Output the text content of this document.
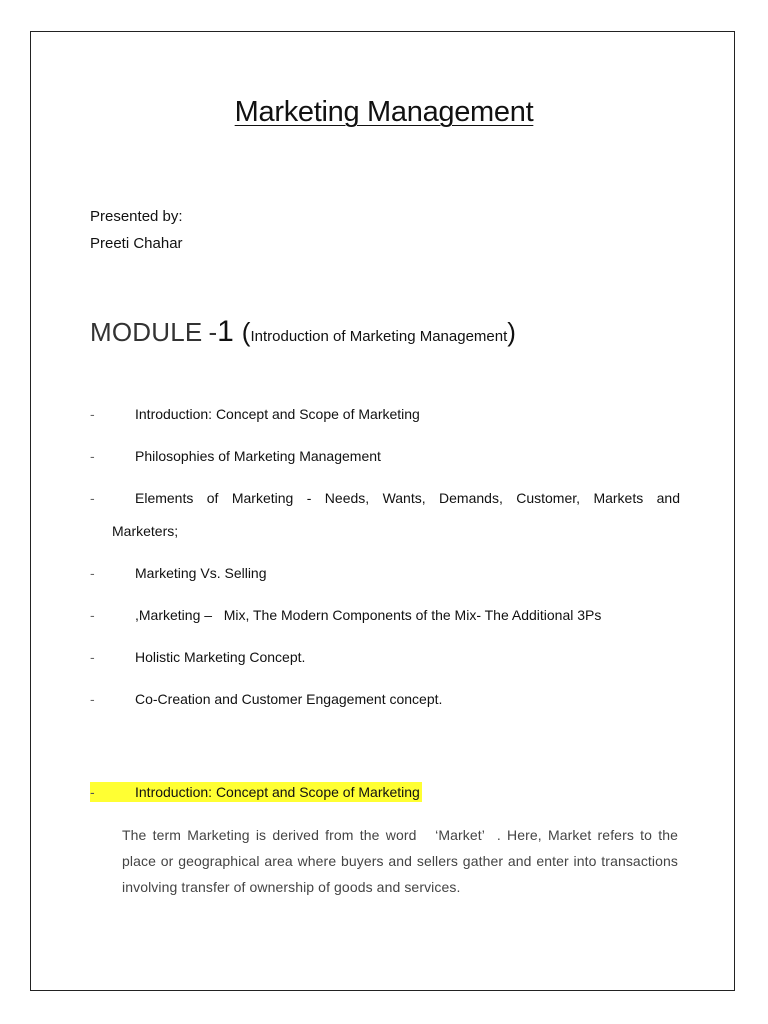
Marketing Management
Presented by:
Preeti Chahar
MODULE -1 (Introduction of Marketing Management)
-	Introduction: Concept and Scope of Marketing
-	Philosophies of Marketing Management
-	Elements of Marketing - Needs, Wants, Demands, Customer, Markets and
Marketers;
-	Marketing Vs. Selling
-	,Marketing –   Mix, The Modern Components of the Mix- The Additional 3Ps
-	Holistic Marketing Concept.
-	Co-Creation and Customer Engagement concept.
-	Introduction: Concept and Scope of Marketing
The term Marketing is derived from the word   ‘Market’  . Here, Market refers to the place or geographical area where buyers and sellers gather and enter into transactions involving transfer of ownership of goods and services.
